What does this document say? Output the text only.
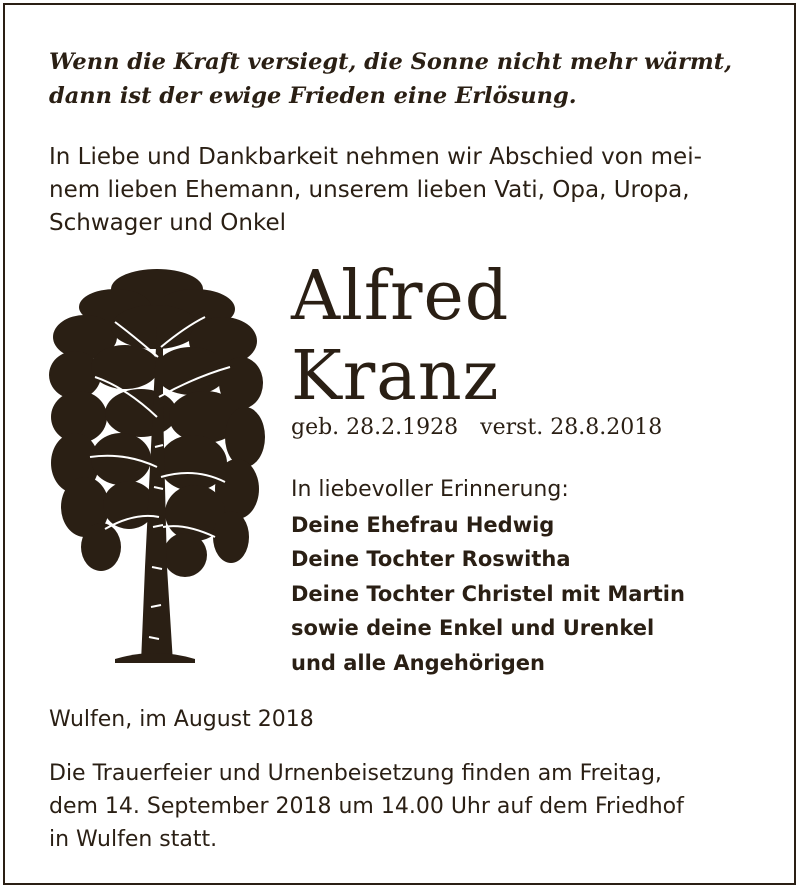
Wenn die Kraft versiegt, die Sonne nicht mehr wärmt,
dann ist der ewige Frieden eine Erlösung.
In Liebe und Dankbarkeit nehmen wir Abschied von mei-
nem lieben Ehemann, unserem lieben Vati, Opa, Uropa,
Schwager und Onkel
Alfred
Kranz
geb. 28.2.1928 verst. 28.8.2018
In liebevoller Erinnerung:
Deine Ehefrau Hedwig
Deine Tochter Roswitha
Deine Tochter Christel mit Martin
sowie deine Enkel und Urenkel
und alle Angehörigen
Wulfen, im August 2018
Die Trauerfeier und Urnenbeisetzung finden am Freitag,
dem 14. September 2018 um 14.00 Uhr auf dem Friedhof
in Wulfen statt.
